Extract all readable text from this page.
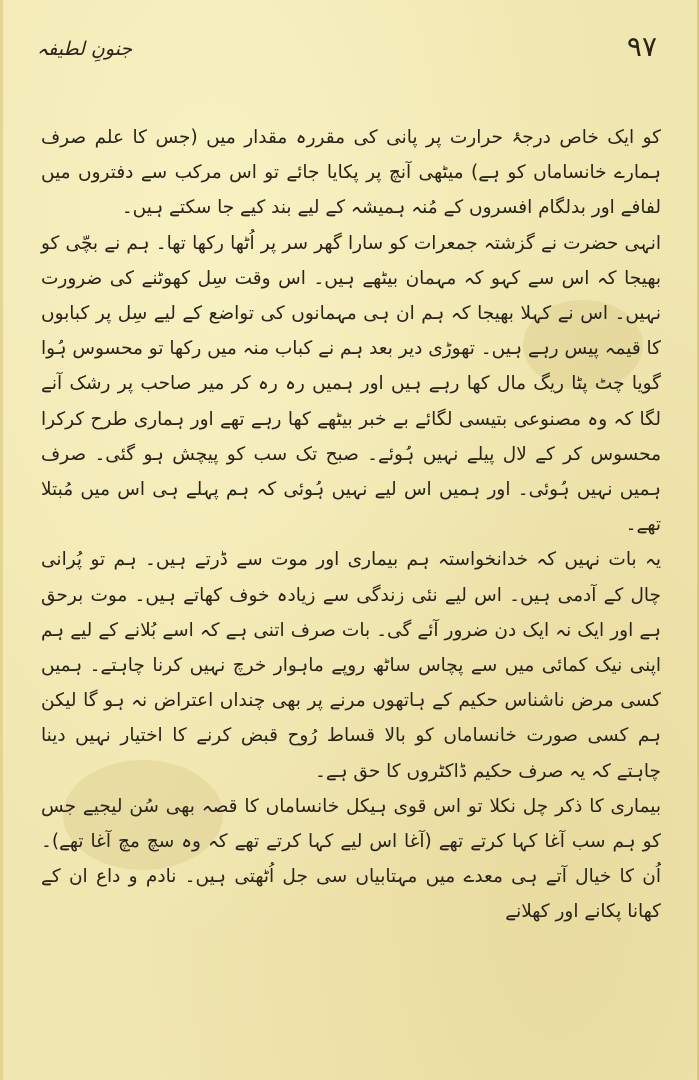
جنونِ لطیفہ	۹۷

کو ایک خاص درجۂ حرارت پر پانی کی مقررہ مقدار میں (جس کا علم صرف ہمارے خانساماں کو ہے) میٹھی آنچ پر پکایا جائے تو اس مرکب سے دفتروں میں لفافے اور بدلگام افسروں کے مُنہ ہمیشہ کے لیے بند کیے جا سکتے ہیں۔

انہی حضرت نے گزشتہ جمعرات کو سارا گھر سر پر اُٹھا رکھا تھا۔ ہم نے بچّی کو بھیجا کہ اس سے کہو کہ مہمان بیٹھے ہیں۔ اس وقت سِل کھوٹنے کی ضرورت نہیں۔ اس نے کہلا بھیجا کہ ہم ان ہی مہمانوں کی تواضع کے لیے سِل پر کبابوں کا قیمہ پیس رہے ہیں۔ تھوڑی دیر بعد ہم نے کباب منہ میں رکھا تو محسوس ہُوا گویا چٹ پٹا ریگ مال کھا رہے ہیں اور ہمیں رہ رہ کر میر صاحب پر رشک آنے لگا کہ وہ مصنوعی بتیسی لگائے بے خبر بیٹھے کھا رہے تھے اور ہماری طرح کرکرا محسوس کر کے لال پیلے نہیں ہُوئے۔ صبح تک سب کو پیچش ہو گئی۔ صرف ہمیں نہیں ہُوئی۔ اور ہمیں اس لیے نہیں ہُوئی کہ ہم پہلے ہی اس میں مُبتلا تھے۔

یہ بات نہیں کہ خدانخواستہ ہم بیماری اور موت سے ڈرتے ہیں۔ ہم تو پُرانی چال کے آدمی ہیں۔ اس لیے نئی زندگی سے زیادہ خوف کھاتے ہیں۔ موت برحق ہے اور ایک نہ ایک دن ضرور آئے گی۔ بات صرف اتنی ہے کہ اسے بُلانے کے لیے ہم اپنی نیک کمائی میں سے پچاس ساٹھ روپے ماہوار خرچ نہیں کرنا چاہتے۔ ہمیں کسی مرض ناشناس حکیم کے ہاتھوں مرنے پر بھی چنداں اعتراض نہ ہو گا لیکن ہم کسی صورت خانساماں کو بالا قساط رُوح قبض کرنے کا اختیار نہیں دینا چاہتے کہ یہ صرف حکیم ڈاکٹروں کا حق ہے۔

بیماری کا ذکر چل نکلا تو اس قوی ہیکل خانساماں کا قصہ بھی سُن لیجیے جس کو ہم سب آغا کہا کرتے تھے (آغا اس لیے کہا کرتے تھے کہ وہ سچ مچ آغا تھے)۔ اُن کا خیال آتے ہی معدے میں مہتابیاں سی جل اُٹھتی ہیں۔ نادم و داع ان کے کھانا پکانے اور کھلانے
